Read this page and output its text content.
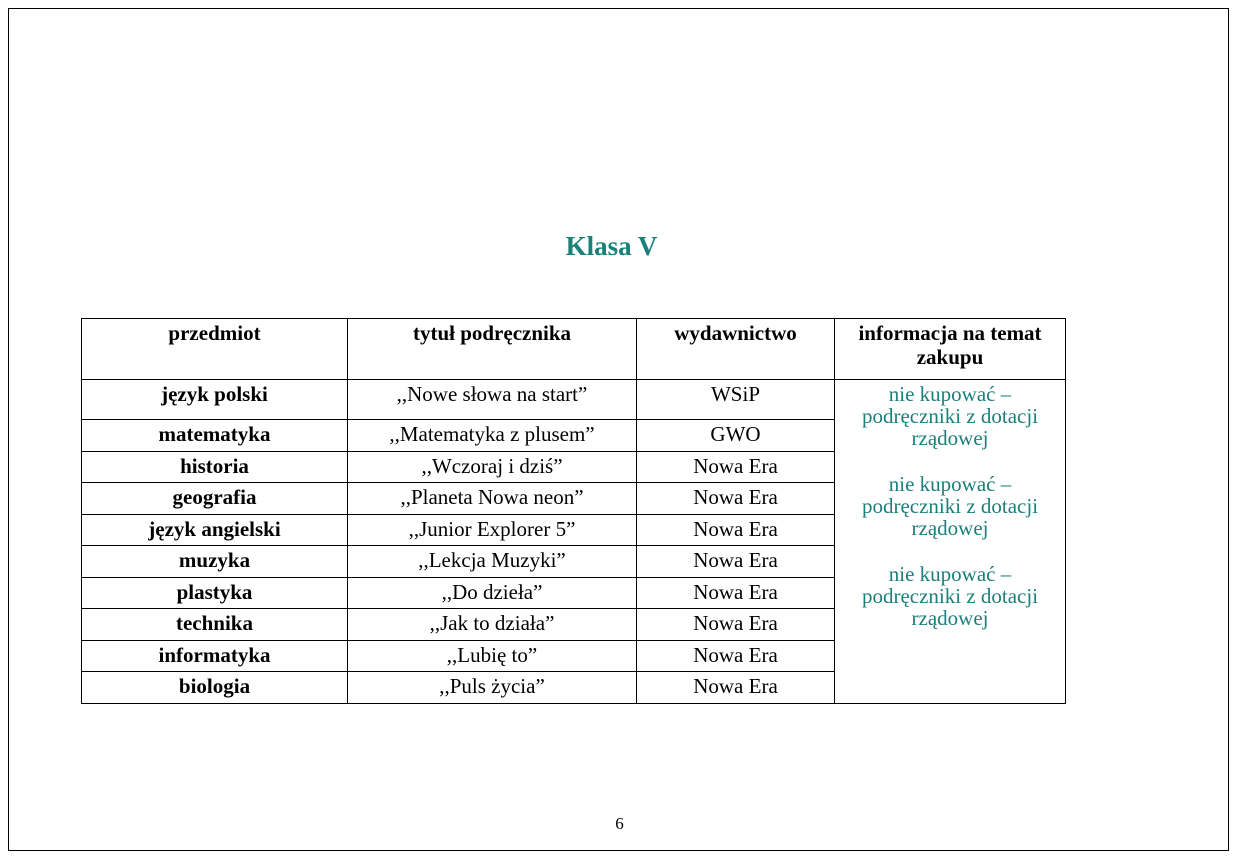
Klasa V
przedmiot	tytuł podręcznika	wydawnictwo	informacja na temat zakupu
język polski	,,Nowe słowa na start”	WSiP	nie kupować – podręczniki z dotacji rządowej
nie kupować – podręczniki z dotacji rządowej
nie kupować – podręczniki z dotacji rządowej

matematyka	,,Matematyka z plusem”	GWO	
historia	,,Wczoraj i dziś”	Nowa Era	
geografia	,,Planeta Nowa neon”	Nowa Era	
język angielski	,,Junior Explorer 5”	Nowa Era	
muzyka	,,Lekcja Muzyki”	Nowa Era	
plastyka	,,Do dzieła”	Nowa Era	
technika	,,Jak to działa”	Nowa Era	
informatyka	,,Lubię to”	Nowa Era	
biologia	,,Puls życia”	Nowa Era	
6
